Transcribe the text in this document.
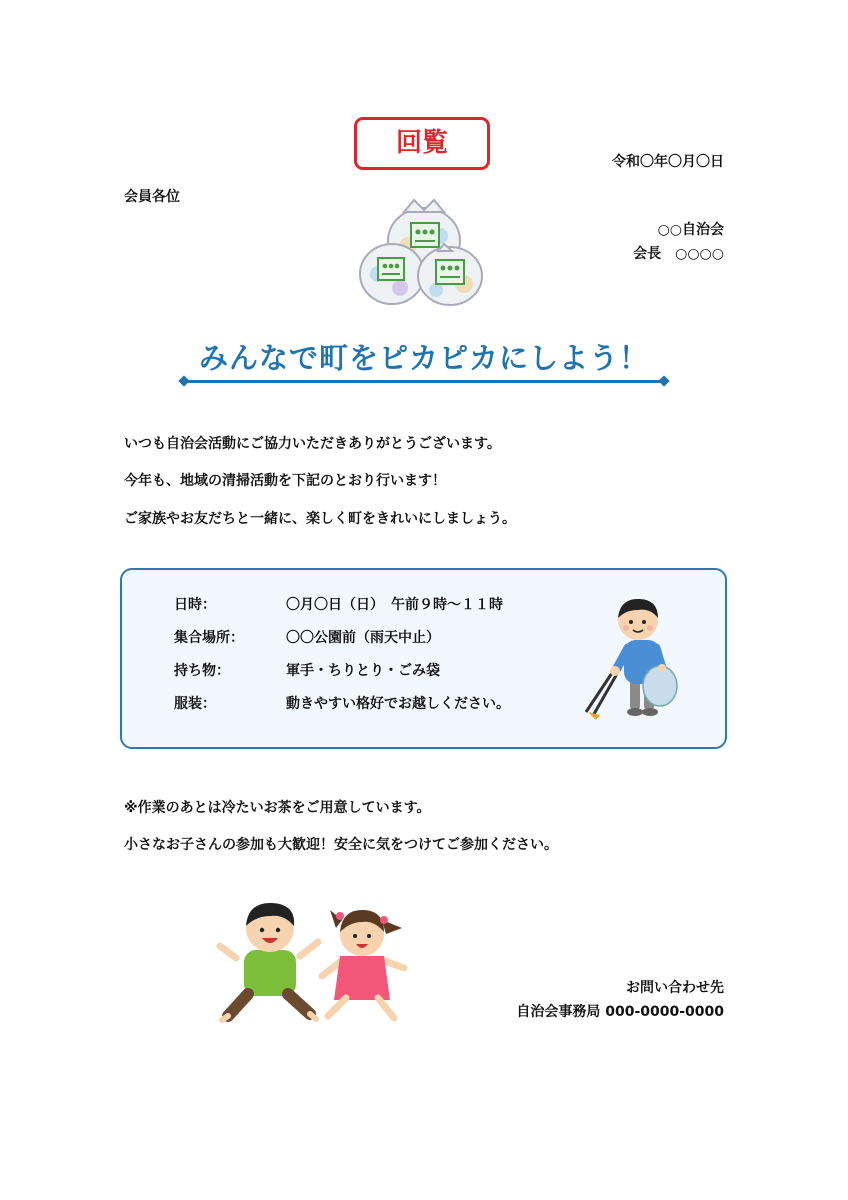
回覧
令和〇年〇月〇日
会員各位
○○自治会
会長　○○○○
みんなで町をピカピカにしよう！
いつも自治会活動にご協力いただきありがとうございます。
今年も、地域の清掃活動を下記のとおり行います！
ご家族やお友だちと一緒に、楽しく町をきれいにしましょう。
日時：	〇月〇日（日）　午前９時～１１時
集合場所：	〇〇公園前（雨天中止）
持ち物：	軍手・ちりとり・ごみ袋
服装：	動きやすい格好でお越しください。
※作業のあとは冷たいお茶をご用意しています。
小さなお子さんの参加も大歓迎！安全に気をつけてご参加ください。
お問い合わせ先
自治会事務局 000-0000-0000
